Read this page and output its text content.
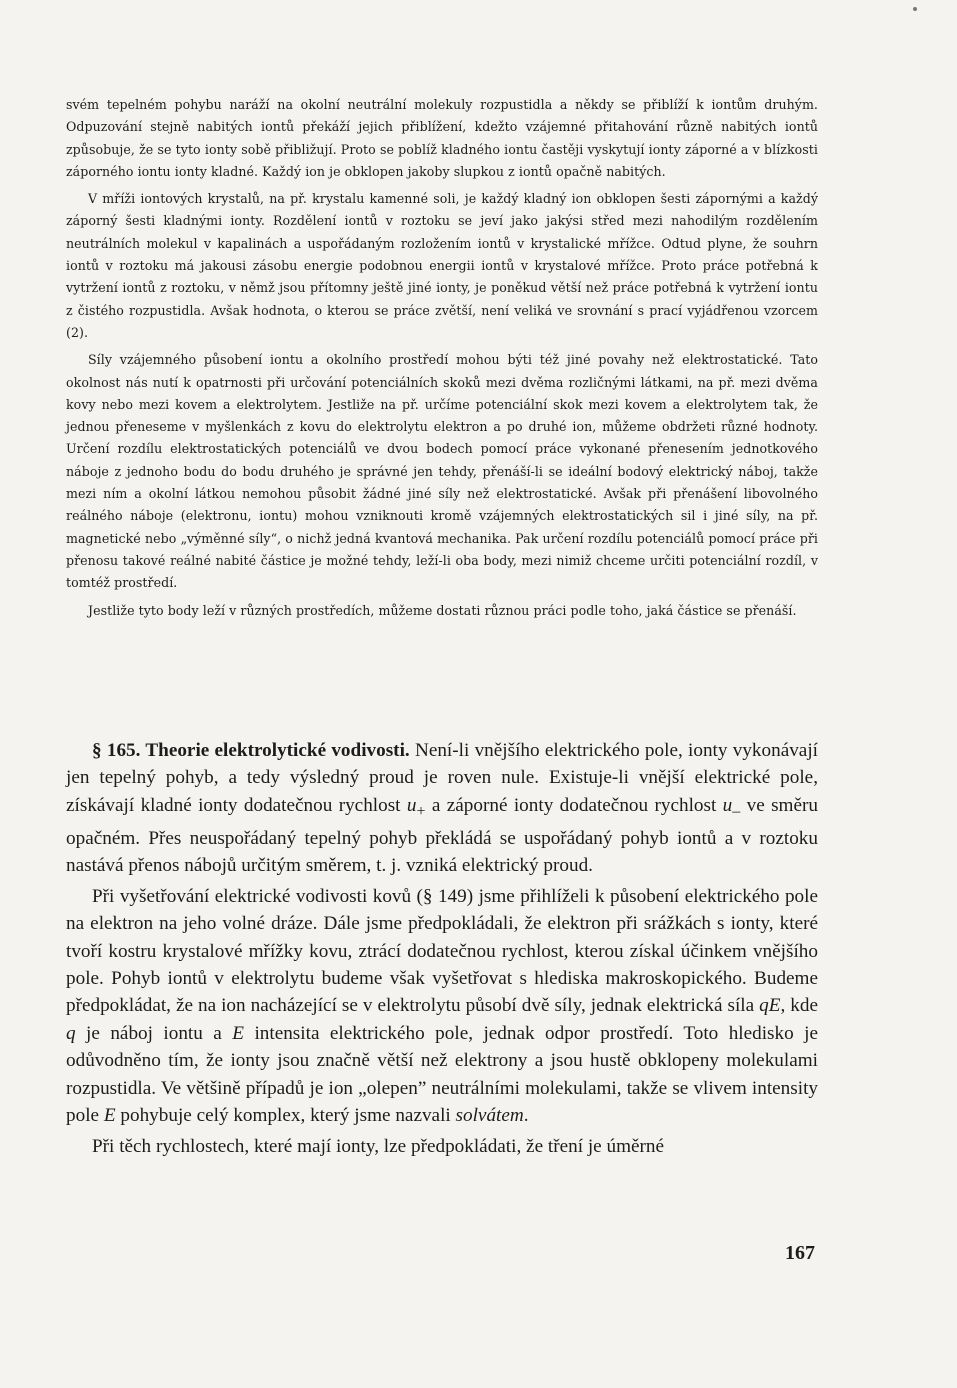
svém tepelném pohybu naráží na okolní neutrální molekuly rozpustidla a někdy se přiblíží k iontům druhým. Odpuzování stejně nabitých iontů překáží jejich přiblížení, kdežto vzájemné přitahování různě nabitých iontů způsobuje, že se tyto ionty sobě přibližují. Proto se poblíž kladného iontu častěji vyskytují ionty záporné a v blízkosti záporného iontu ionty kladné. Každý ion je obklopen jakoby slupkou z iontů opačně nabitých.

V mříži iontových krystalů, na př. krystalu kamenné soli, je každý kladný ion obklopen šesti zápornými a každý záporný šesti kladnými ionty. Rozdělení iontů v roztoku se jeví jako jakýsi střed mezi nahodilým rozdělením neutrálních molekul v kapalinách a uspořádaným rozložením iontů v krystalické mřížce. Odtud plyne, že souhrn iontů v roztoku má jakousi zásobu energie podobnou energii iontů v krystalové mřížce. Proto práce potřebná k vytržení iontů z roztoku, v němž jsou přítomny ještě jiné ionty, je poněkud větší než práce potřebná k vytržení iontu z čistého rozpustidla. Avšak hodnota, o kterou se práce zvětší, není veliká ve srovnání s prací vyjádřenou vzorcem (2).

Síly vzájemného působení iontu a okolního prostředí mohou býti též jiné povahy než elektrostatické. Tato okolnost nás nutí k opatrnosti při určování potenciálních skoků mezi dvěma rozličnými látkami, na př. mezi dvěma kovy nebo mezi kovem a elektrolytem. Jestliže na př. určíme potenciální skok mezi kovem a elektrolytem tak, že jednou přeneseme v myšlenkách z kovu do elektrolytu elektron a po druhé ion, můžeme obdržeti různé hodnoty. Určení rozdílu elektrostatických potenciálů ve dvou bodech pomocí práce vykonané přenesením jednotkového náboje z jednoho bodu do bodu druhého je správné jen tehdy, přenáší-li se ideální bodový elektrický náboj, takže mezi ním a okolní látkou nemohou působit žádné jiné síly než elektrostatické. Avšak při přenášení libovolného reálného náboje (elektronu, iontu) mohou vzniknouti kromě vzájemných elektrostatických sil i jiné síly, na př. magnetické nebo „výměnné síly“, o nichž jedná kvantová mechanika. Pak určení rozdílu potenciálů pomocí práce při přenosu takové reálné nabité částice je možné tehdy, leží-li oba body, mezi nimiž chceme určiti potenciální rozdíl, v tomtéž prostředí.

Jestliže tyto body leží v různých prostředích, můžeme dostati různou práci podle toho, jaká částice se přenáší.

§ 165. Theorie elektrolytické vodivosti. Není-li vnějšího elektrického pole, ionty vykonávají jen tepelný pohyb, a tedy výsledný proud je roven nule. Existuje-li vnější elektrické pole, získávají kladné ionty dodatečnou rychlost $u_+$ a záporné ionty dodatečnou rychlost $u_-$ ve směru opačném. Přes neuspořádaný tepelný pohyb překládá se uspořádaný pohyb iontů a v roztoku nastává přenos nábojů určitým směrem, t. j. vzniká elektrický proud.

Při vyšetřování elektrické vodivosti kovů (§ 149) jsme přihlíželi k působení elektrického pole na elektron na jeho volné dráze. Dále jsme předpokládali, že elektron při srážkách s ionty, které tvoří kostru krystalové mřížky kovu, ztrácí dodatečnou rychlost, kterou získal účinkem vnějšího pole. Pohyb iontů v elektrolytu budeme však vyšetřovat s hlediska makroskopického. Budeme předpokládat, že na ion nacházející se v elektrolytu působí dvě síly, jednak elektrická síla qE, kde q je náboj iontu a E intensita elektrického pole, jednak odpor prostředí. Toto hledisko je odůvodněno tím, že ionty jsou značně větší než elektrony a jsou hustě obklopeny molekulami rozpustidla. Ve většině případů je ion „olepen” neutrálními molekulami, takže se vlivem intensity pole E pohybuje celý komplex, který jsme nazvali solvátem.

Při těch rychlostech, které mají ionty, lze předpokládati, že tření je úměrné

167
